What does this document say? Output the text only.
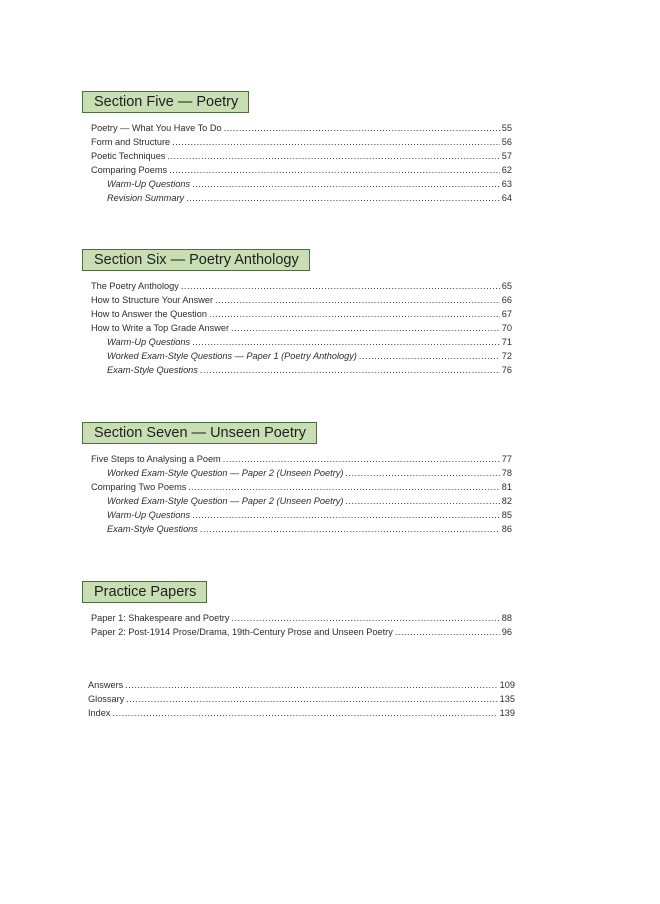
Section Five — Poetry
Poetry — What You Have To Do .....	55
Form and Structure .....	56
Poetic Techniques .....	57
Comparing Poems .....	62
Warm-Up Questions .....	63
Revision Summary .....	64
Section Six — Poetry Anthology
The Poetry Anthology .....	65
How to Structure Your Answer .....	66
How to Answer the Question .....	67
How to Write a Top Grade Answer .....	70
Warm-Up Questions .....	71
Worked Exam-Style Questions — Paper 1 (Poetry Anthology) .....	72
Exam-Style Questions .....	76
Section Seven — Unseen Poetry
Five Steps to Analysing a Poem .....	77
Worked Exam-Style Question — Paper 2 (Unseen Poetry) .....	78
Comparing Two Poems .....	81
Worked Exam-Style Question — Paper 2 (Unseen Poetry) .....	82
Warm-Up Questions .....	85
Exam-Style Questions .....	86
Practice Papers
Paper 1: Shakespeare and Poetry .....	88
Paper 2: Post-1914 Prose/Drama, 19th-Century Prose and Unseen Poetry .....	96
Answers .....	109
Glossary .....	135
Index .....	139
